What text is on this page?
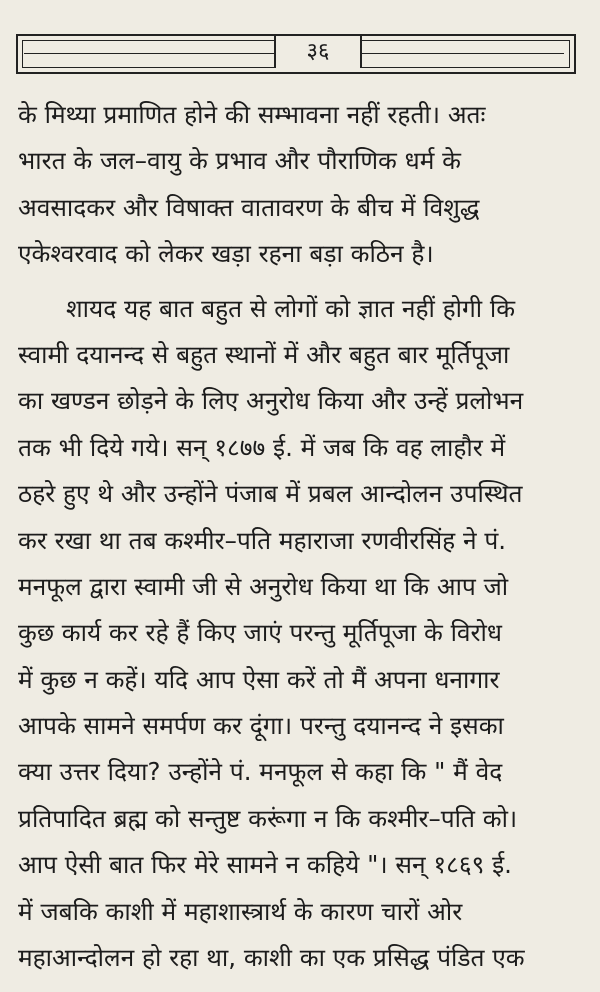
३६
के मिथ्या प्रमाणित होने की सम्भावना नहीं रहती। अतः
भारत के जल–वायु के प्रभाव और पौराणिक धर्म के
अवसादकर और विषाक्त वातावरण के बीच में विशुद्ध
एकेश्वरवाद को लेकर खड़ा रहना बड़ा कठिन है।
शायद यह बात बहुत से लोगों को ज्ञात नहीं होगी कि
स्वामी दयानन्द से बहुत स्थानों में और बहुत बार मूर्तिपूजा
का खण्डन छोड़ने के लिए अनुरोध किया और उन्हें प्रलोभन
तक भी दिये गये। सन् १८७७ ई. में जब कि वह लाहौर में
ठहरे हुए थे और उन्होंने पंजाब में प्रबल आन्दोलन उपस्थित
कर रखा था तब कश्मीर–पति महाराजा रणवीरसिंह ने पं.
मनफूल द्वारा स्वामी जी से अनुरोध किया था कि आप जो
कुछ कार्य कर रहे हैं किए जाएं परन्तु मूर्तिपूजा के विरोध
में कुछ न कहें। यदि आप ऐसा करें तो मैं अपना धनागार
आपके सामने समर्पण कर दूंगा। परन्तु दयानन्द ने इसका
क्या उत्तर दिया? उन्होंने पं. मनफूल से कहा कि " मैं वेद
प्रतिपादित ब्रह्म को सन्तुष्ट करूंगा न कि कश्मीर–पति को।
आप ऐसी बात फिर मेरे सामने न कहिये "। सन् १८६९ ई.
में जबकि काशी में महाशास्त्रार्थ के कारण चारों ओर
महाआन्दोलन हो रहा था, काशी का एक प्रसिद्ध पंडित एक
